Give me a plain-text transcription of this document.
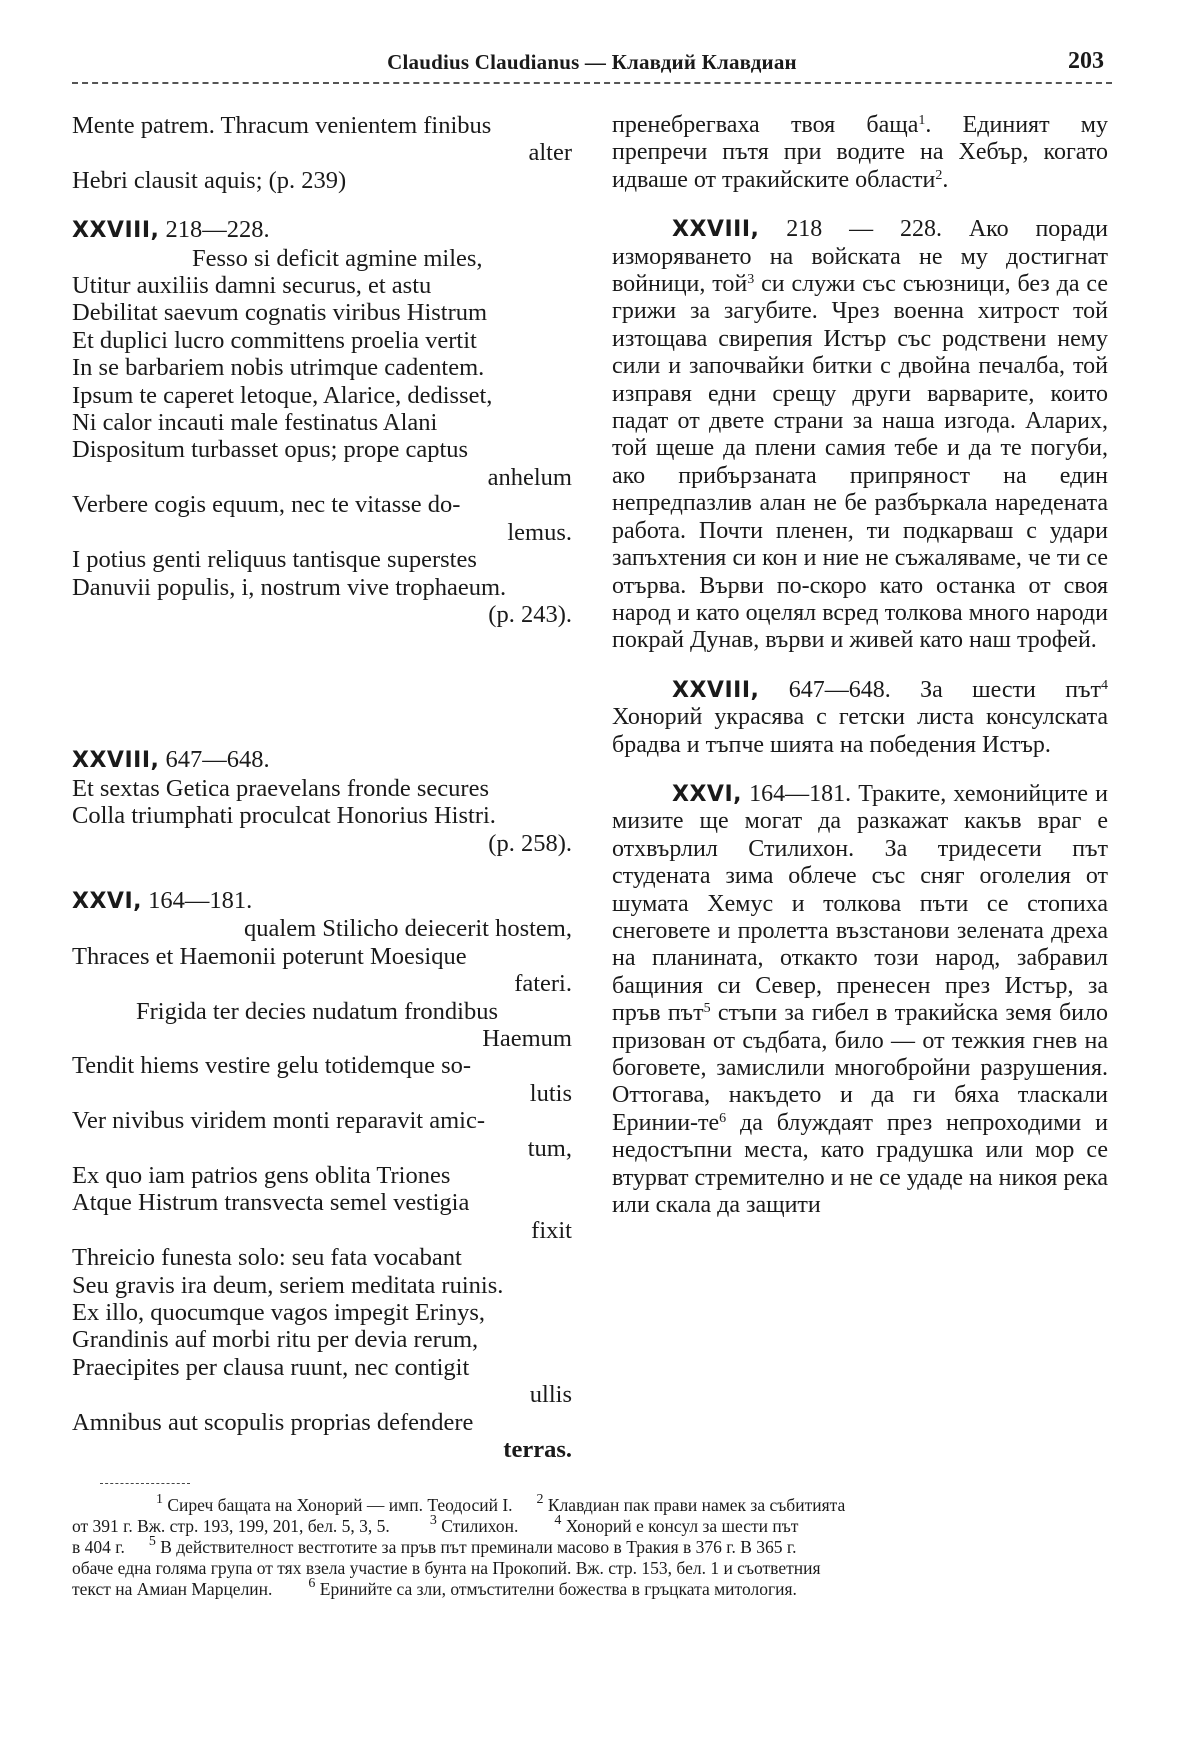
Claudius Claudianus — Клавдий Клавдиан	203
Mente patrem. Thracum venientem finibus
alter
Hebri clausit aquis; (p. 239)
XXVIII, 218—228.
Fesso si deficit agmine miles,
Utitur auxiliis damni securus, et astu
Debilitat saevum cognatis viribus Histrum
Et duplici lucro committens proelia vertit
In se barbariem nobis utrimque cadentem.
Ipsum te caperet letoque, Alarice, dedisset,
Ni calor incauti male festinatus Alani
Dispositum turbasset opus; prope captus
anhelum
Verbere cogis equum, nec te vitasse do-
lemus.
I potius genti reliquus tantisque superstes
Danuvii populis, i, nostrum vive trophaeum.
(p. 243).
XXVIII, 647—648.
Et sextas Getica praevelans fronde secures
Colla triumphati proculcat Honorius Histri.
(p. 258).
XXVI, 164—181.
qualem Stilicho deiecerit hostem,
Thraces et Haemonii poterunt Moesique
fateri.
Frigida ter decies nudatum frondibus
Haemum
Tendit hiems vestire gelu totidemque so-
lutis
Ver nivibus viridem monti reparavit amic-
tum,
Ex quo iam patrios gens oblita Triones
Atque Histrum transvecta semel vestigia
fixit
Threicio funesta solo: seu fata vocabant
Seu gravis ira deum, seriem meditata ruinis.
Ex illo, quocumque vagos impegit Erinys,
Grandinis auf morbi ritu per devia rerum,
Praecipites per clausa ruunt, nec contigit
ullis
Amnibus aut scopulis proprias defendere
terras.

пренебрегваха твоя баща$^1$. Единият му препречи пътя при водите на Хебър, когато идваше от тракийските области$^2$.

XXVIII, 218 — 228. Ако поради изморяването на войската не му достигнат войници, той$^3$ си служи със съюзници, без да се грижи за загубите. Чрез военна хитрост той изтощава свирепия Истър със родствени нему сили и започвайки битки с двойна печалба, той изправя едни срещу други варварите, които падат от двете страни за наша изгода. Аларих, той щеше да плени самия тебе и да те погуби, ако прибързаната припряност на един непредпазлив алан не бе разбъркала наредената работа. Почти пленен, ти подкарваш с удари запъхтения си кон и ние не съжаляваме, че ти се отърва. Върви по-скоро като останка от своя народ и като оцелял всред толкова много народи покрай Дунав, върви и живей като наш трофей.

XXVIII, 647—648. За шести път$^4$ Хонорий украсява с гетски листа консулската брадва и тъпче шията на победения Истър.

XXVI, 164—181. Траките, хемонийците и мизите ще могат да разкажат какъв враг е отхвърлил Стилихон. За тридесети път студената зима облече със сняг оголелия от шумата Хемус и толкова пъти се стопиха снеговете и пролетта възстанови зелената дреха на планината, откакто този народ, забравил бащиния си Север, пренесен през Истър, за пръв път$^5$ стъпи за гибел в тракийска земя било призован от съдбата, било — от тежкия гнев на боговете, замислили многобройни разрушения. Оттогава, накъдето и да ги бяха тласкали Еринии-$те^6$ да блуждаят през непроходими и недостъпни места, като градушка или мор се втурват стремително и не се удаде на никоя река или скала да защити

$^1$ Сиреч бащата на Хонорий — имп. Теодосий I. $^2$ Клавдиан пак прави намек за събитията
от 391 г. Вж. стр. 193, 199, 201, бел. 5, 3, 5.	$^3$ Стилихон.	$^4$ Хонорий е консул за шести път
в 404 г. $^5$ В действителност вестготите за пръв път преминали масово в Тракия в 376 г. В 365 г.
обаче една голяма група от тях взела участие в бунта на Прокопий. Вж. стр. 153, бел. 1 и съответния
текст на Амиан Марцелин.	$^6$ Еринийте са зли, отмъстителни божества в гръцката митология.
